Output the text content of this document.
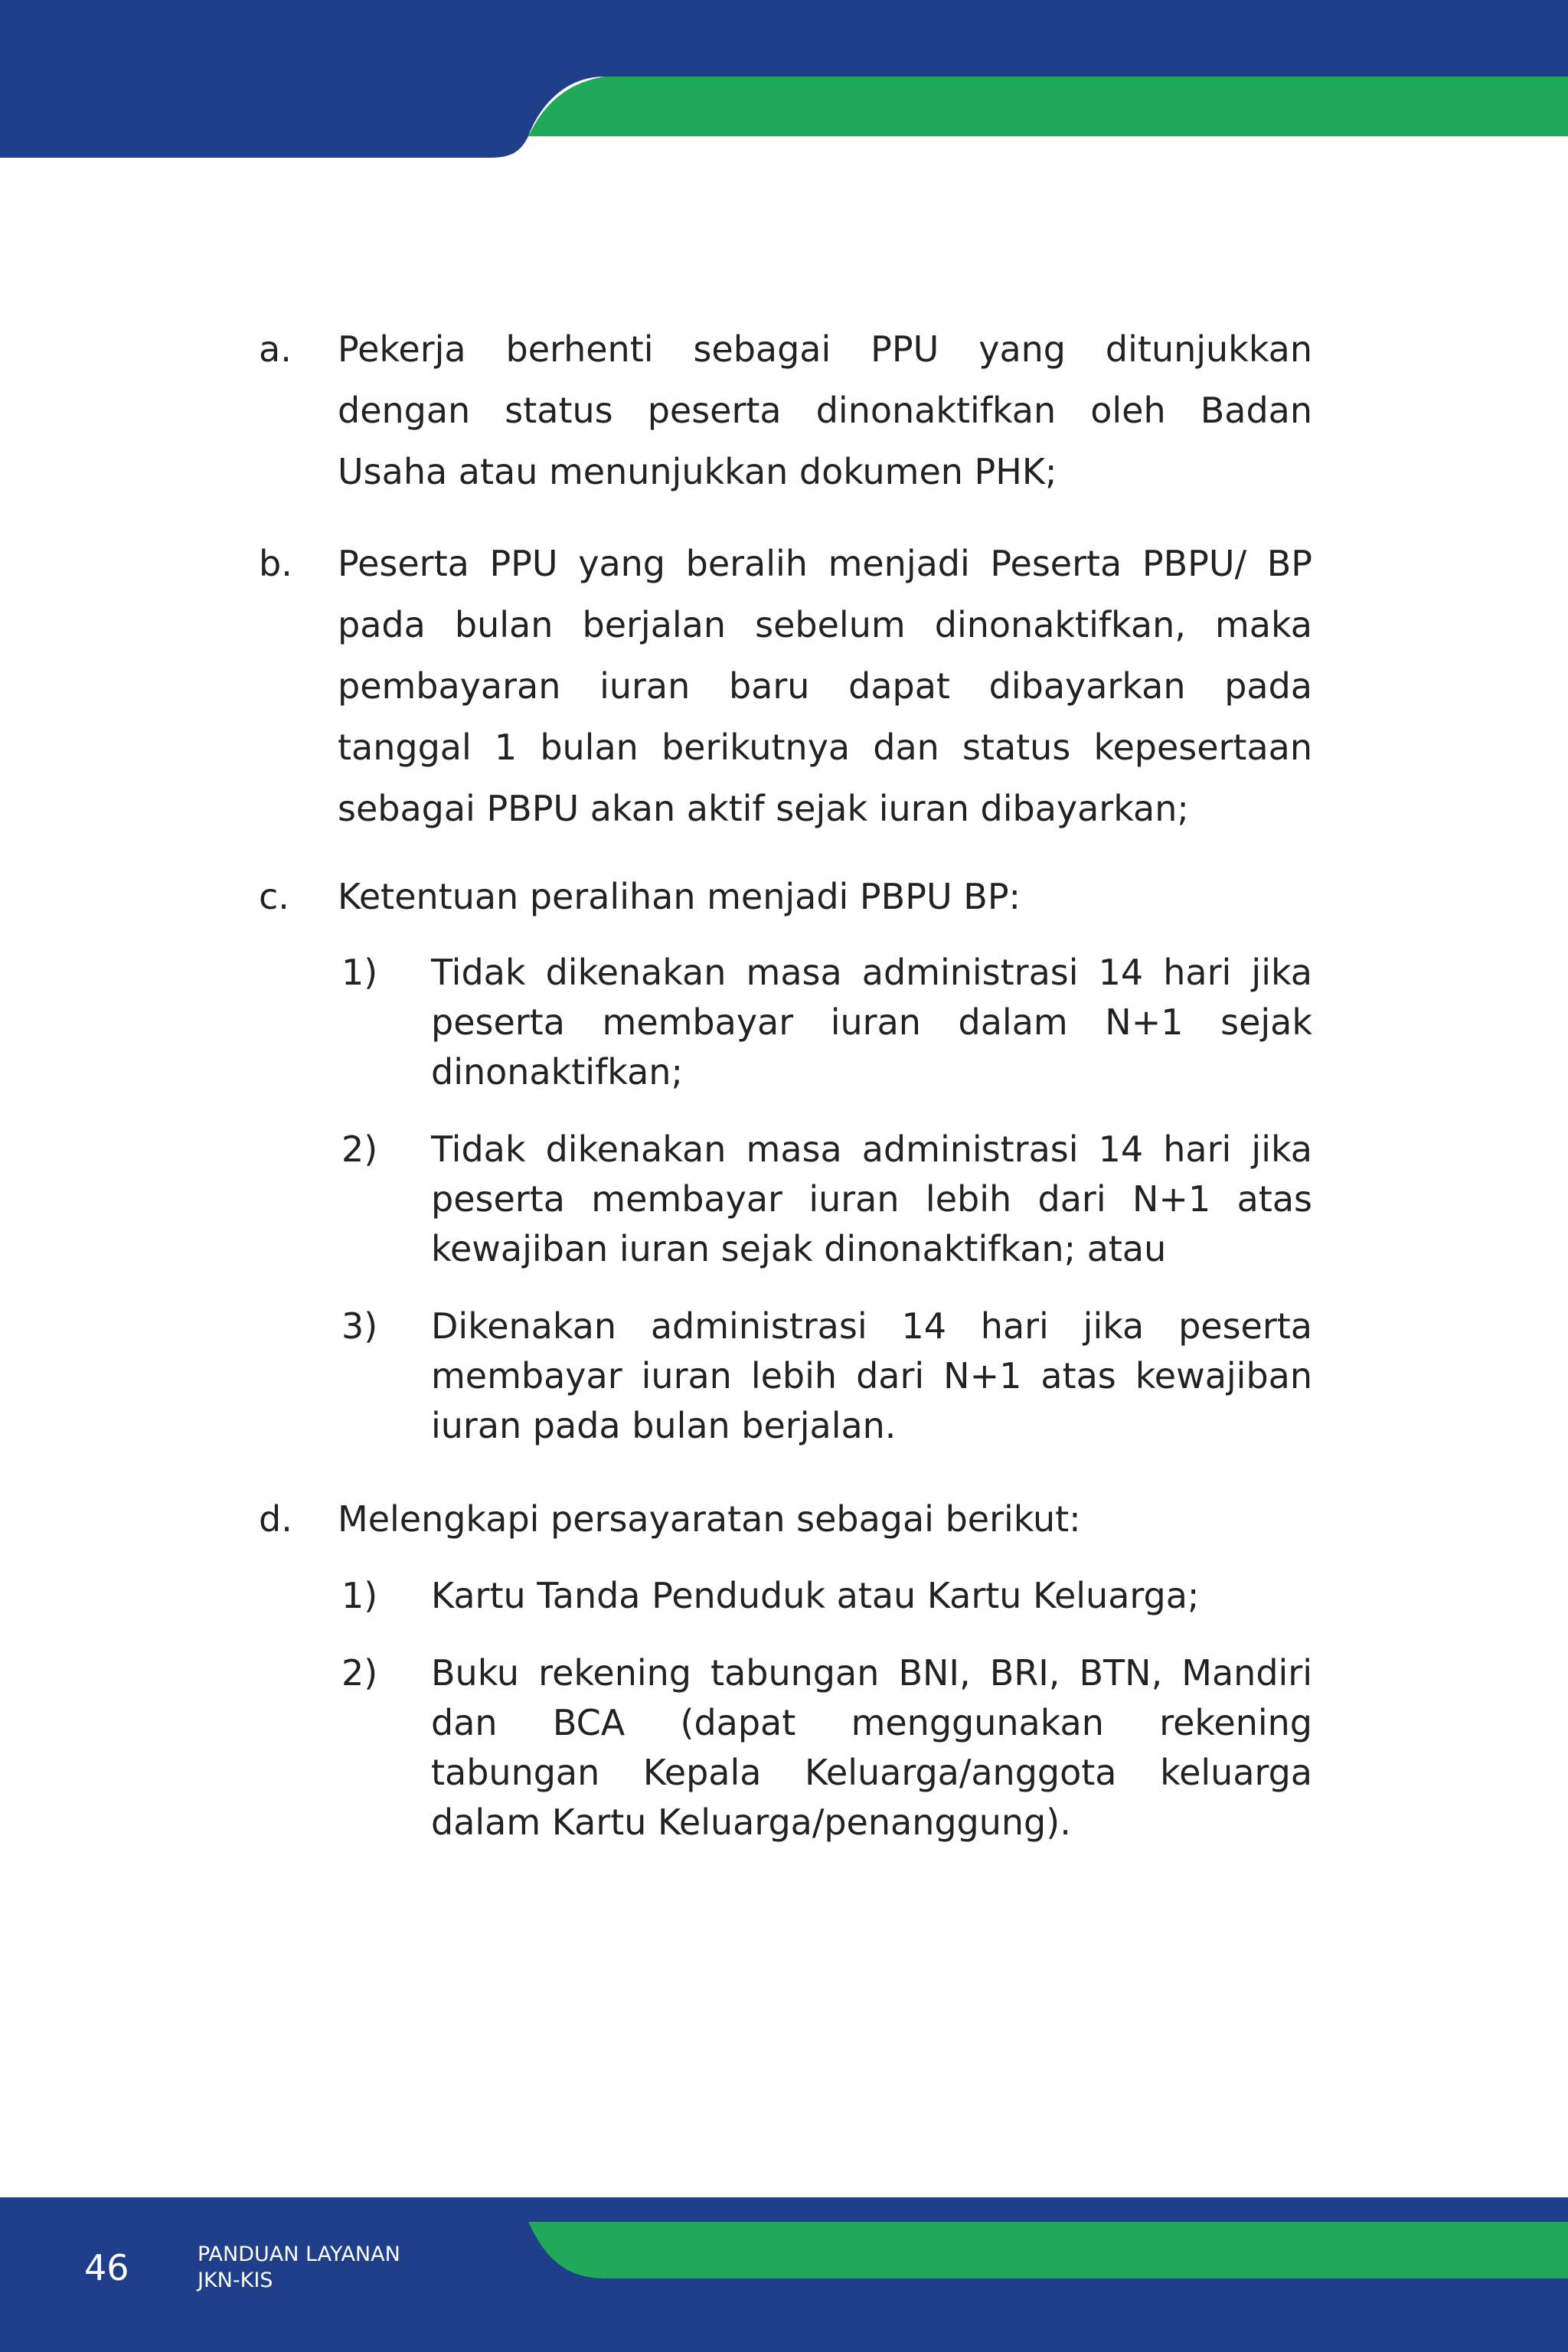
a. Pekerja berhenti sebagai PPU yang ditunjukkan dengan status peserta dinonaktifkan oleh Badan Usaha atau menunjukkan dokumen PHK;
b. Peserta PPU yang beralih menjadi Peserta PBPU/ BP pada bulan berjalan sebelum dinonaktifkan, maka pembayaran iuran baru dapat dibayarkan pada tanggal 1 bulan berikutnya dan status kepesertaan sebagai PBPU akan aktif sejak iuran dibayarkan;
c. Ketentuan peralihan menjadi PBPU BP:
1) Tidak dikenakan masa administrasi 14 hari jika peserta membayar iuran dalam N+1 sejak dinonaktifkan;
2) Tidak dikenakan masa administrasi 14 hari jika peserta membayar iuran lebih dari N+1 atas kewajiban iuran sejak dinonaktifkan; atau
3) Dikenakan administrasi 14 hari jika peserta membayar iuran lebih dari N+1 atas kewajiban iuran pada bulan berjalan.
d. Melengkapi persayaratan sebagai berikut:
1) Kartu Tanda Penduduk atau Kartu Keluarga;
2) Buku rekening tabungan BNI, BRI, BTN, Mandiri dan BCA (dapat menggunakan rekening tabungan Kepala Keluarga/anggota keluarga dalam Kartu Keluarga/penanggung).
46	PANDUAN LAYANAN
JKN-KIS
